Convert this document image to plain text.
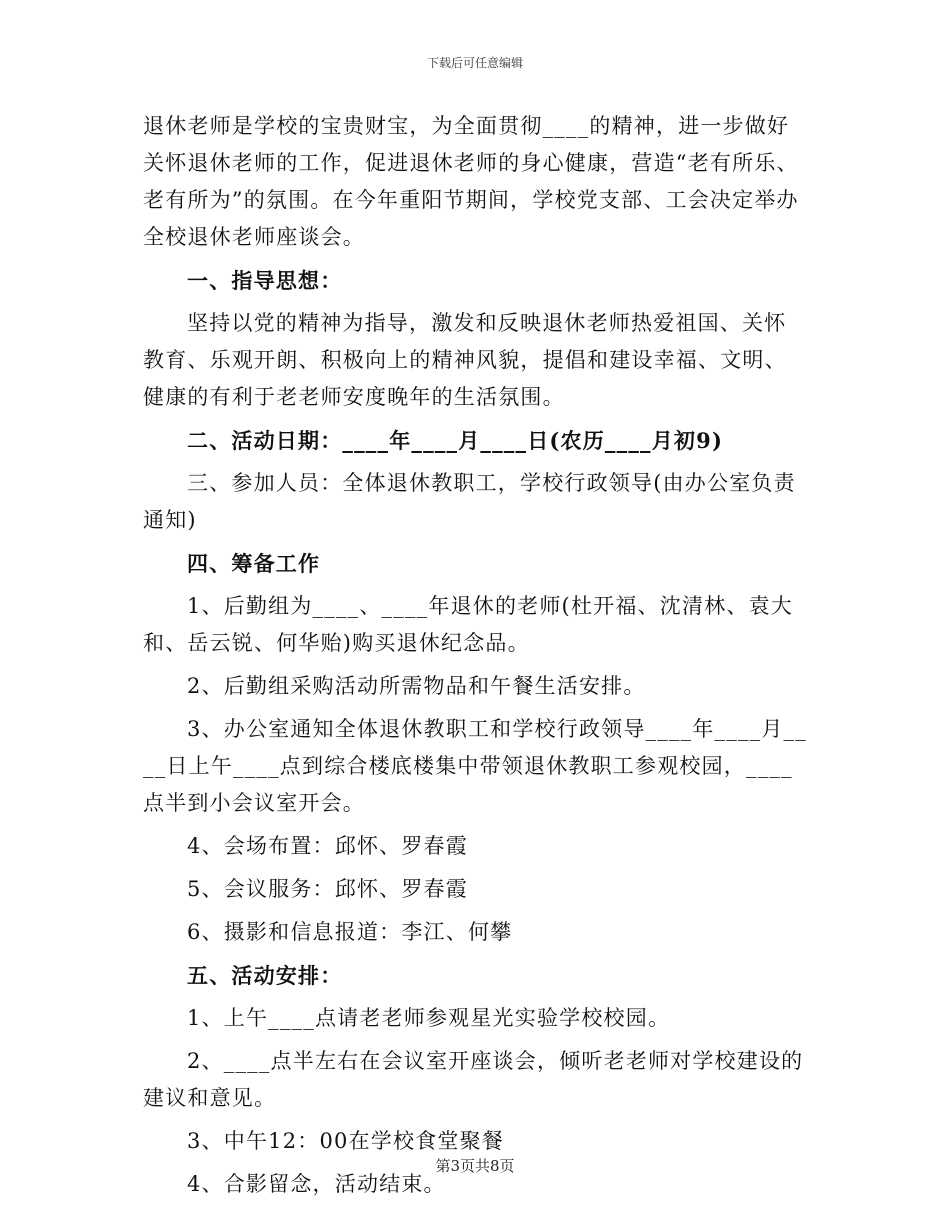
下载后可任意编辑

退休老师是学校的宝贵财宝，为全面贯彻____的精神，进一步做好关怀退休老师的工作，促进退休老师的身心健康，营造“老有所乐、老有所为”的氛围。在今年重阳节期间，学校党支部、工会决定举办全校退休老师座谈会。

一、指导思想：

坚持以党的精神为指导，激发和反映退休老师热爱祖国、关怀教育、乐观开朗、积极向上的精神风貌，提倡和建设幸福、文明、健康的有利于老老师安度晚年的生活氛围。

二、活动日期：____年____月____日(农历____月初9)

三、参加人员：全体退休教职工，学校行政领导(由办公室负责通知)

四、筹备工作

1、后勤组为____、____年退休的老师(杜开福、沈清林、袁大和、岳云锐、何华贻)购买退休纪念品。

2、后勤组采购活动所需物品和午餐生活安排。

3、办公室通知全体退休教职工和学校行政领导____年____月____日上午____点到综合楼底楼集中带领退休教职工参观校园，____点半到小会议室开会。

4、会场布置：邱怀、罗春霞

5、会议服务：邱怀、罗春霞

6、摄影和信息报道：李江、何攀

五、活动安排：

1、上午____点请老老师参观星光实验学校校园。

2、____点半左右在会议室开座谈会，倾听老老师对学校建设的建议和意见。

3、中午12：00在学校食堂聚餐

4、合影留念，活动结束。

第3页共8页
